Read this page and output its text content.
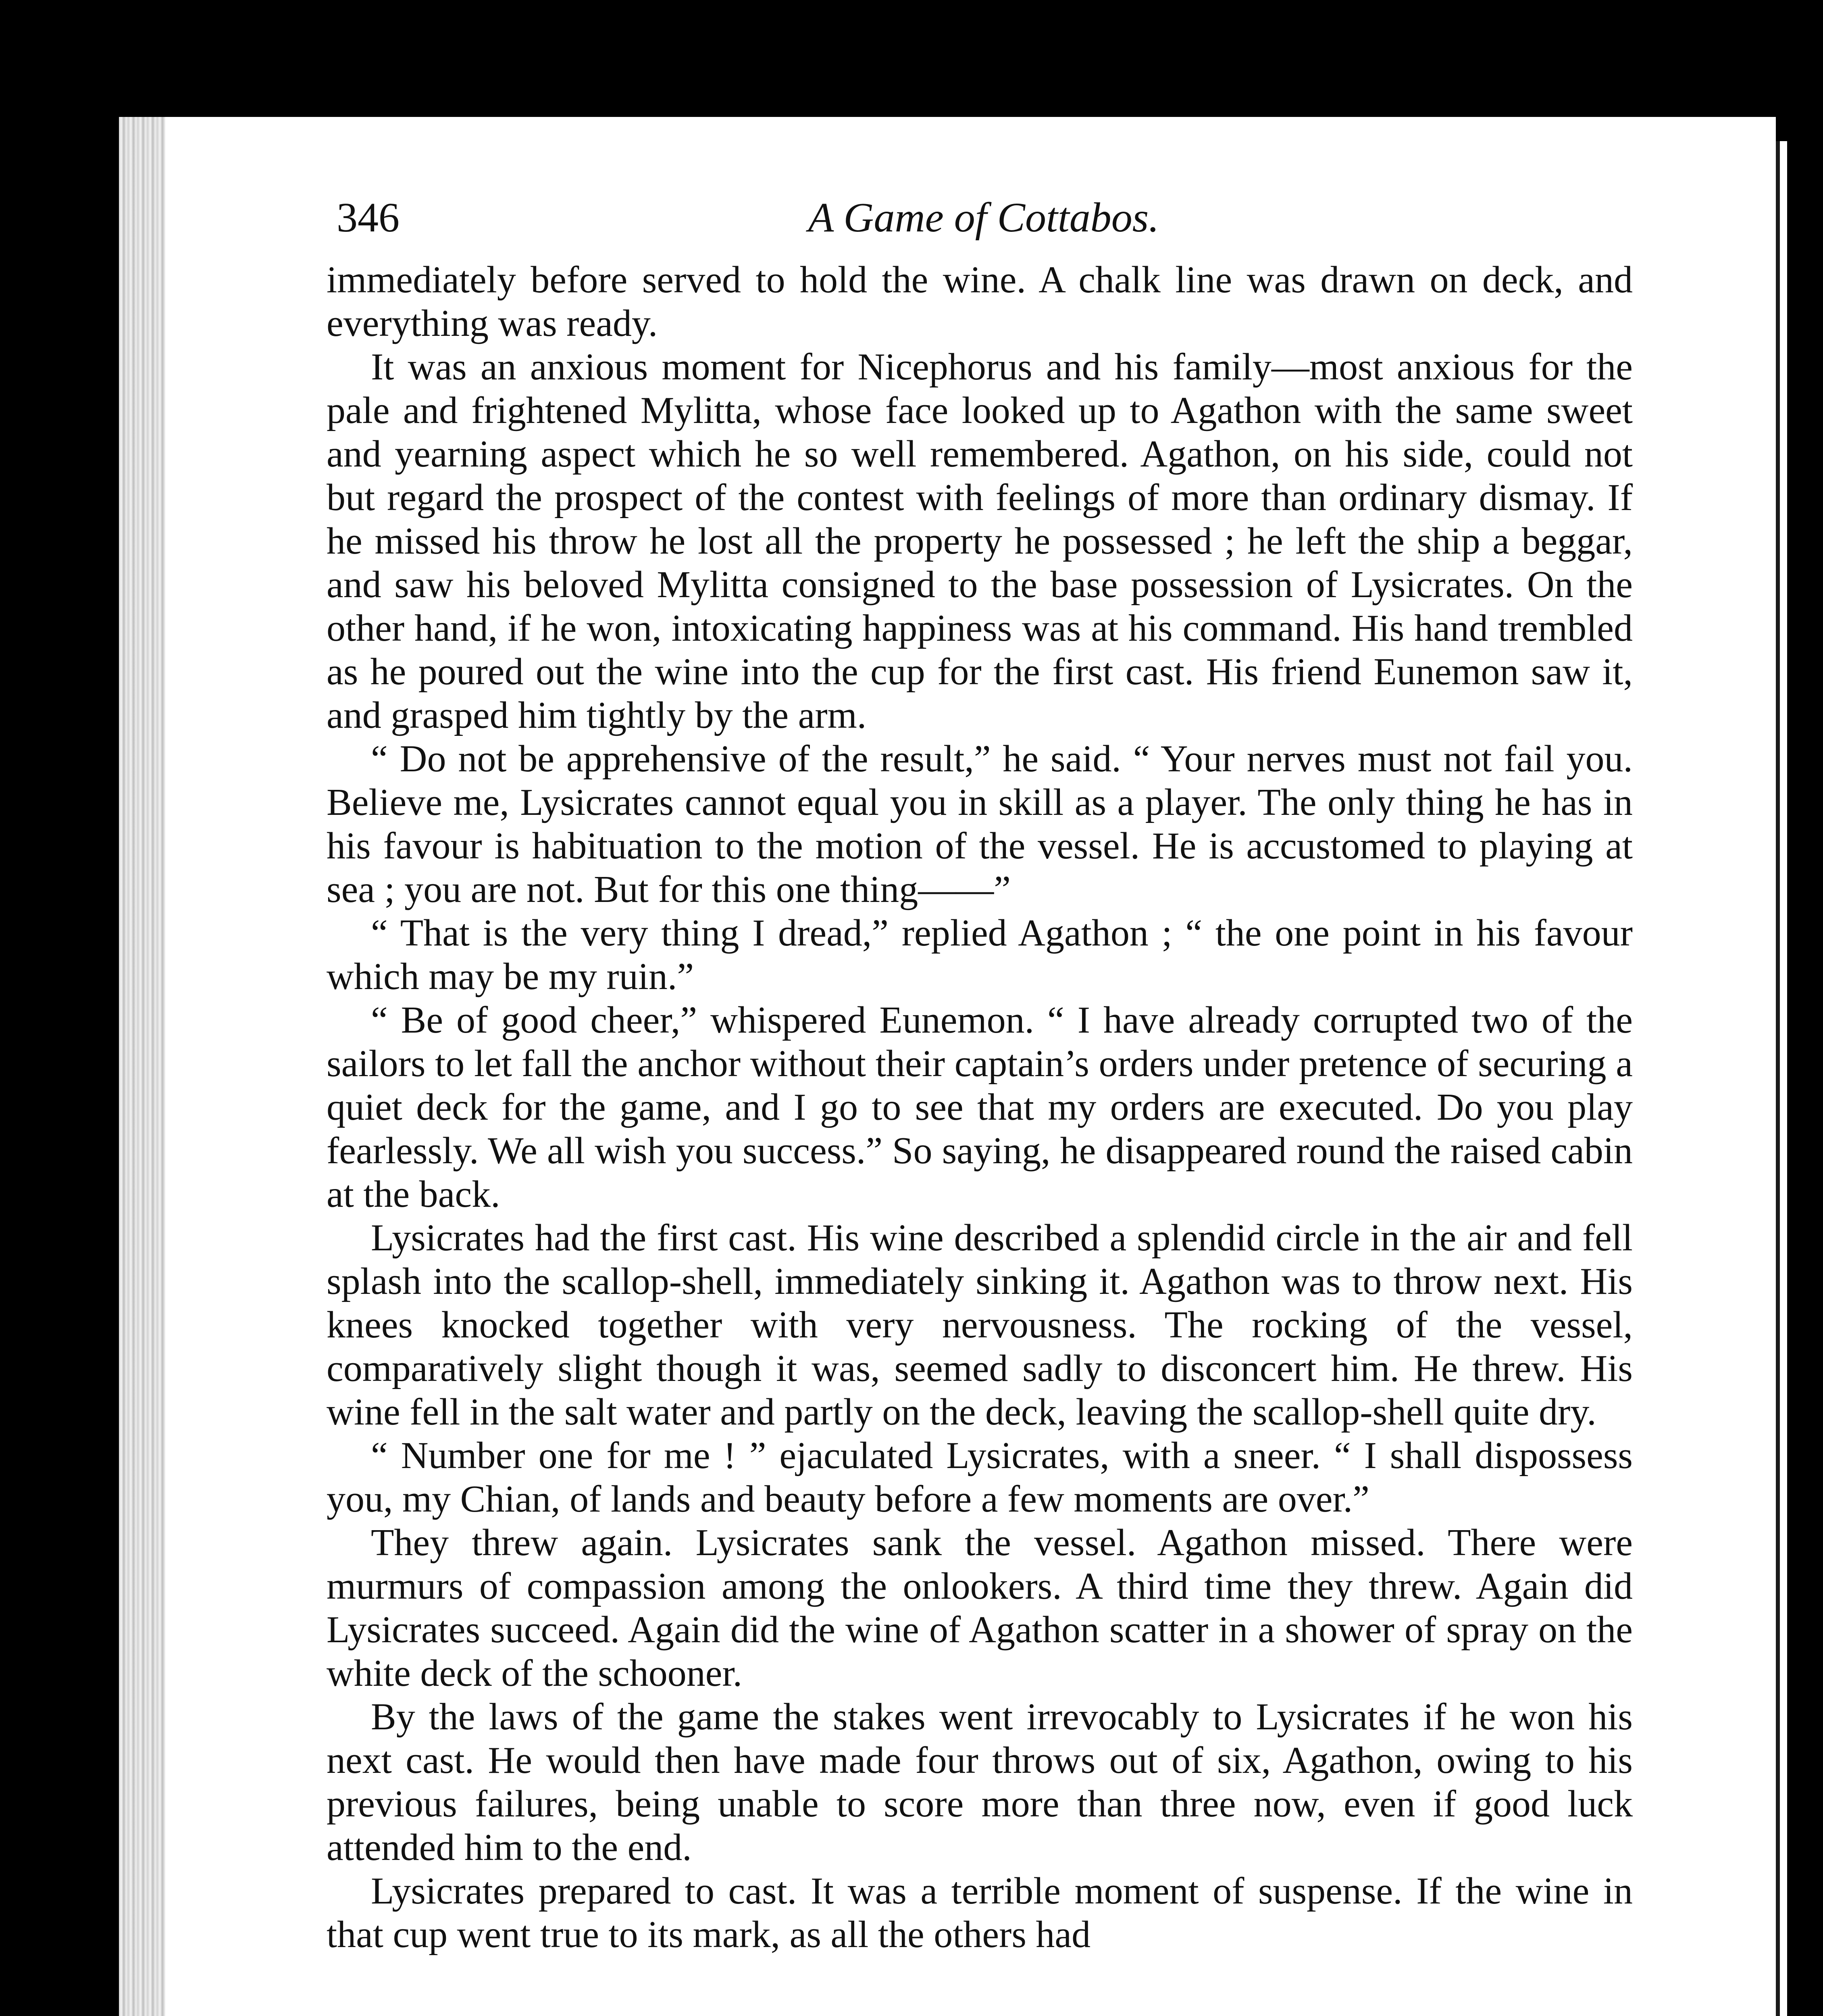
346	A Game of Cottabos.

immediately before served to hold the wine. A chalk line was drawn on deck, and everything was ready.

It was an anxious moment for Nicephorus and his family—most anxious for the pale and frightened Mylitta, whose face looked up to Agathon with the same sweet and yearning aspect which he so well remembered. Agathon, on his side, could not but regard the prospect of the contest with feelings of more than ordinary dismay. If he missed his throw he lost all the property he possessed ; he left the ship a beggar, and saw his beloved Mylitta consigned to the base possession of Lysicrates. On the other hand, if he won, intoxicating happiness was at his command. His hand trembled as he poured out the wine into the cup for the first cast. His friend Eunemon saw it, and grasped him tightly by the arm.

“ Do not be apprehensive of the result,” he said. “ Your nerves must not fail you. Believe me, Lysicrates cannot equal you in skill as a player. The only thing he has in his favour is habituation to the motion of the vessel. He is accustomed to playing at sea ; you are not. But for this one thing——”

“ That is the very thing I dread,” replied Agathon ; “ the one point in his favour which may be my ruin.”

“ Be of good cheer,” whispered Eunemon. “ I have already corrupted two of the sailors to let fall the anchor without their captain’s orders under pretence of securing a quiet deck for the game, and I go to see that my orders are executed. Do you play fearlessly. We all wish you success.” So saying, he disappeared round the raised cabin at the back.

Lysicrates had the first cast. His wine described a splendid circle in the air and fell splash into the scallop-shell, immediately sinking it. Agathon was to throw next. His knees knocked together with very nervousness. The rocking of the vessel, comparatively slight though it was, seemed sadly to disconcert him. He threw. His wine fell in the salt water and partly on the deck, leaving the scallop-shell quite dry.

“ Number one for me ! ” ejaculated Lysicrates, with a sneer. “ I shall dispossess you, my Chian, of lands and beauty before a few moments are over.”

They threw again. Lysicrates sank the vessel. Agathon missed. There were murmurs of compassion among the onlookers. A third time they threw. Again did Lysicrates succeed. Again did the wine of Agathon scatter in a shower of spray on the white deck of the schooner.

By the laws of the game the stakes went irrevocably to Lysicrates if he won his next cast. He would then have made four throws out of six, Agathon, owing to his previous failures, being unable to score more than three now, even if good luck attended him to the end.

Lysicrates prepared to cast. It was a terrible moment of suspense. If the wine in that cup went true to its mark, as all the others had
